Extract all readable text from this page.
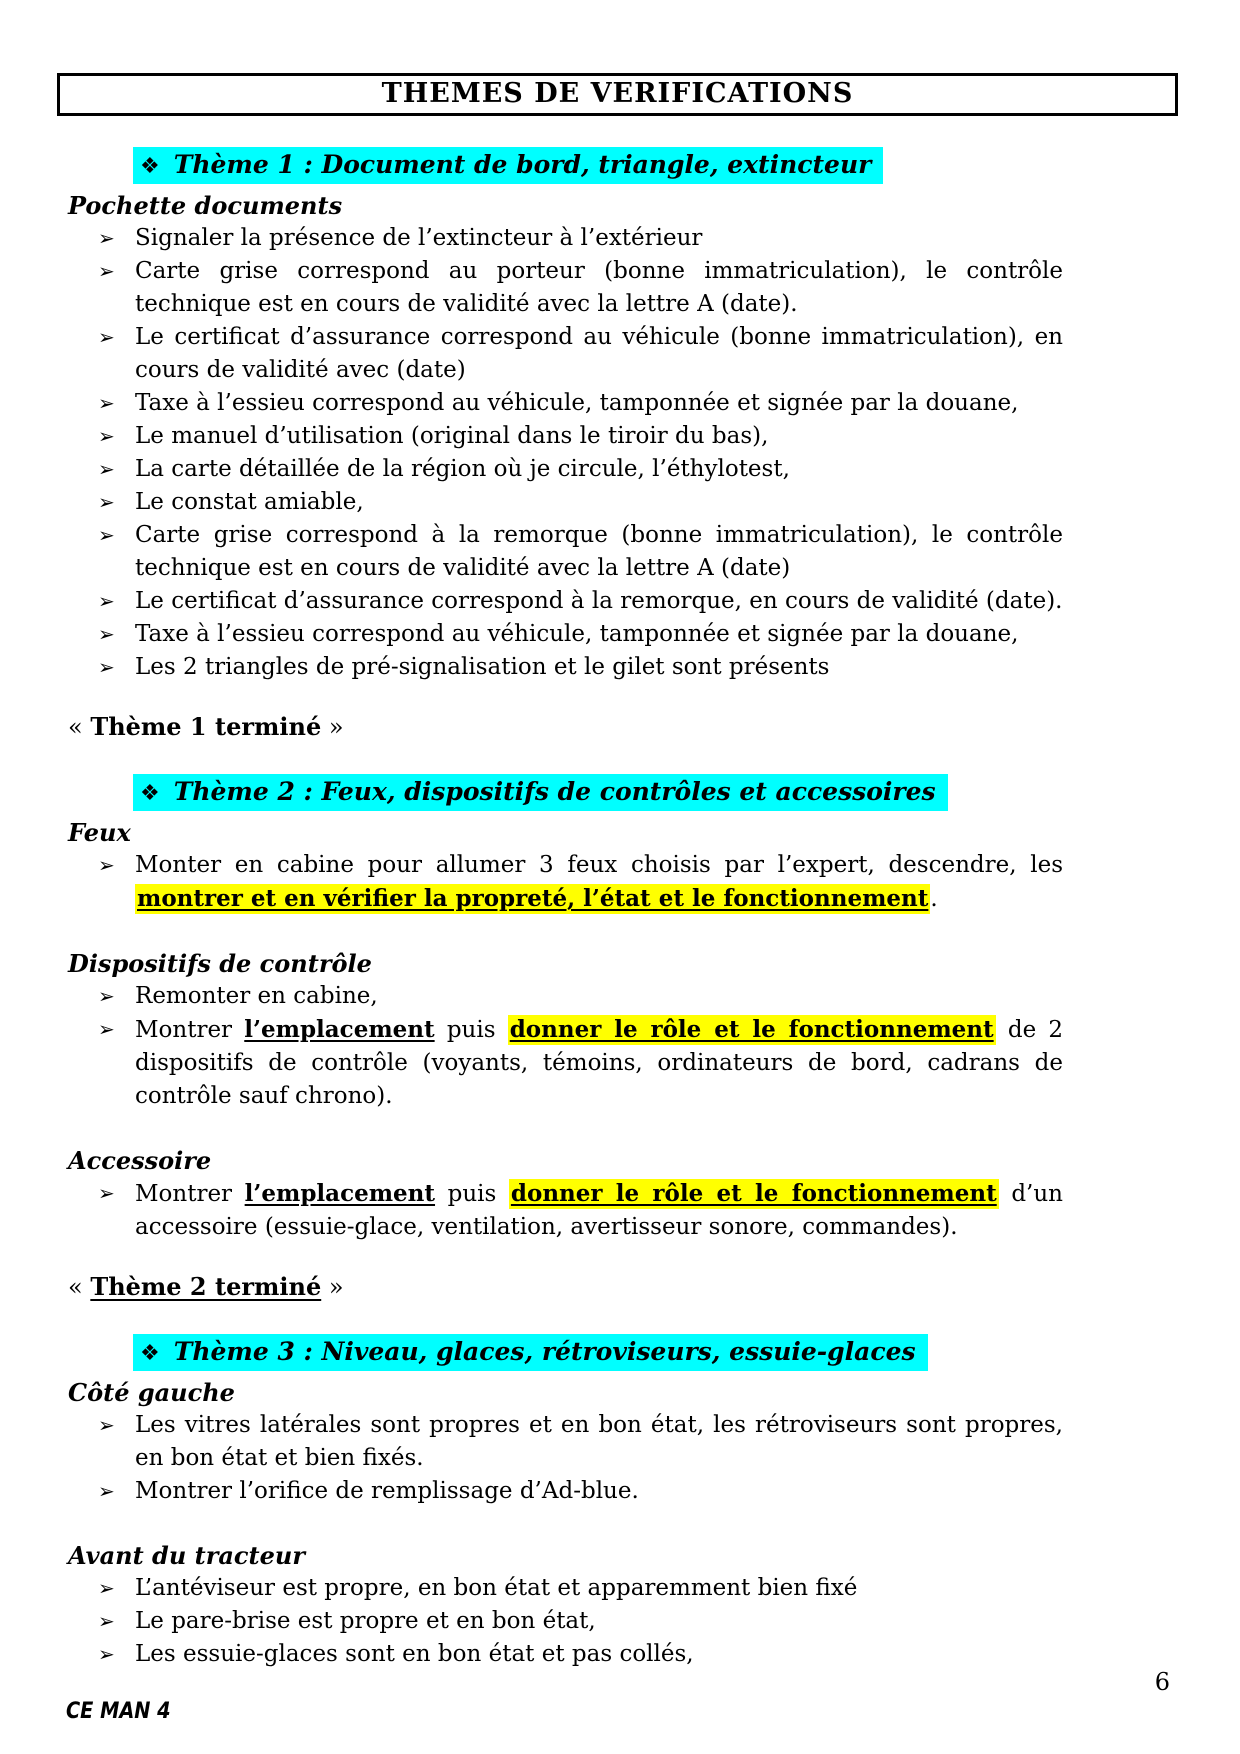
THEMES DE VERIFICATIONS
❖ Thème 1 : Document de bord, triangle, extincteur
Pochette documents
➢ Signaler la présence de l’extincteur à l’extérieur
➢ Carte grise correspond au porteur (bonne immatriculation), le contrôle technique est en cours de validité avec la lettre A (date).
➢ Le certificat d’assurance correspond au véhicule (bonne immatriculation), en cours de validité avec (date)
➢ Taxe à l’essieu correspond au véhicule, tamponnée et signée par la douane,
➢ Le manuel d’utilisation (original dans le tiroir du bas),
➢ La carte détaillée de la région où je circule, l’éthylotest,
➢ Le constat amiable,
➢ Carte grise correspond à la remorque (bonne immatriculation), le contrôle technique est en cours de validité avec la lettre A (date)
➢ Le certificat d’assurance correspond à la remorque, en cours de validité (date).
➢ Taxe à l’essieu correspond au véhicule, tamponnée et signée par la douane,
➢ Les 2 triangles de pré-signalisation et le gilet sont présents

« Thème 1 terminé »

❖ Thème 2 : Feux, dispositifs de contrôles et accessoires
Feux
➢ Monter en cabine pour allumer 3 feux choisis par l’expert, descendre, les montrer et en vérifier la propreté, l’état et le fonctionnement.
Dispositifs de contrôle
➢ Remonter en cabine,
➢ Montrer l’emplacement puis donner le rôle et le fonctionnement de 2 dispositifs de contrôle (voyants, témoins, ordinateurs de bord, cadrans de contrôle sauf chrono).
Accessoire
➢ Montrer l’emplacement puis donner le rôle et le fonctionnement d’un accessoire (essuie-glace, ventilation, avertisseur sonore, commandes).

« Thème 2 terminé »

❖ Thème 3 : Niveau, glaces, rétroviseurs, essuie-glaces
Côté gauche
➢ Les vitres latérales sont propres et en bon état, les rétroviseurs sont propres, en bon état et bien fixés.
➢ Montrer l’orifice de remplissage d’Ad-blue.
Avant du tracteur
➢ L’antéviseur est propre, en bon état et apparemment bien fixé
➢ Le pare-brise est propre et en bon état,
➢ Les essuie-glaces sont en bon état et pas collés,
6
CE MAN 4
